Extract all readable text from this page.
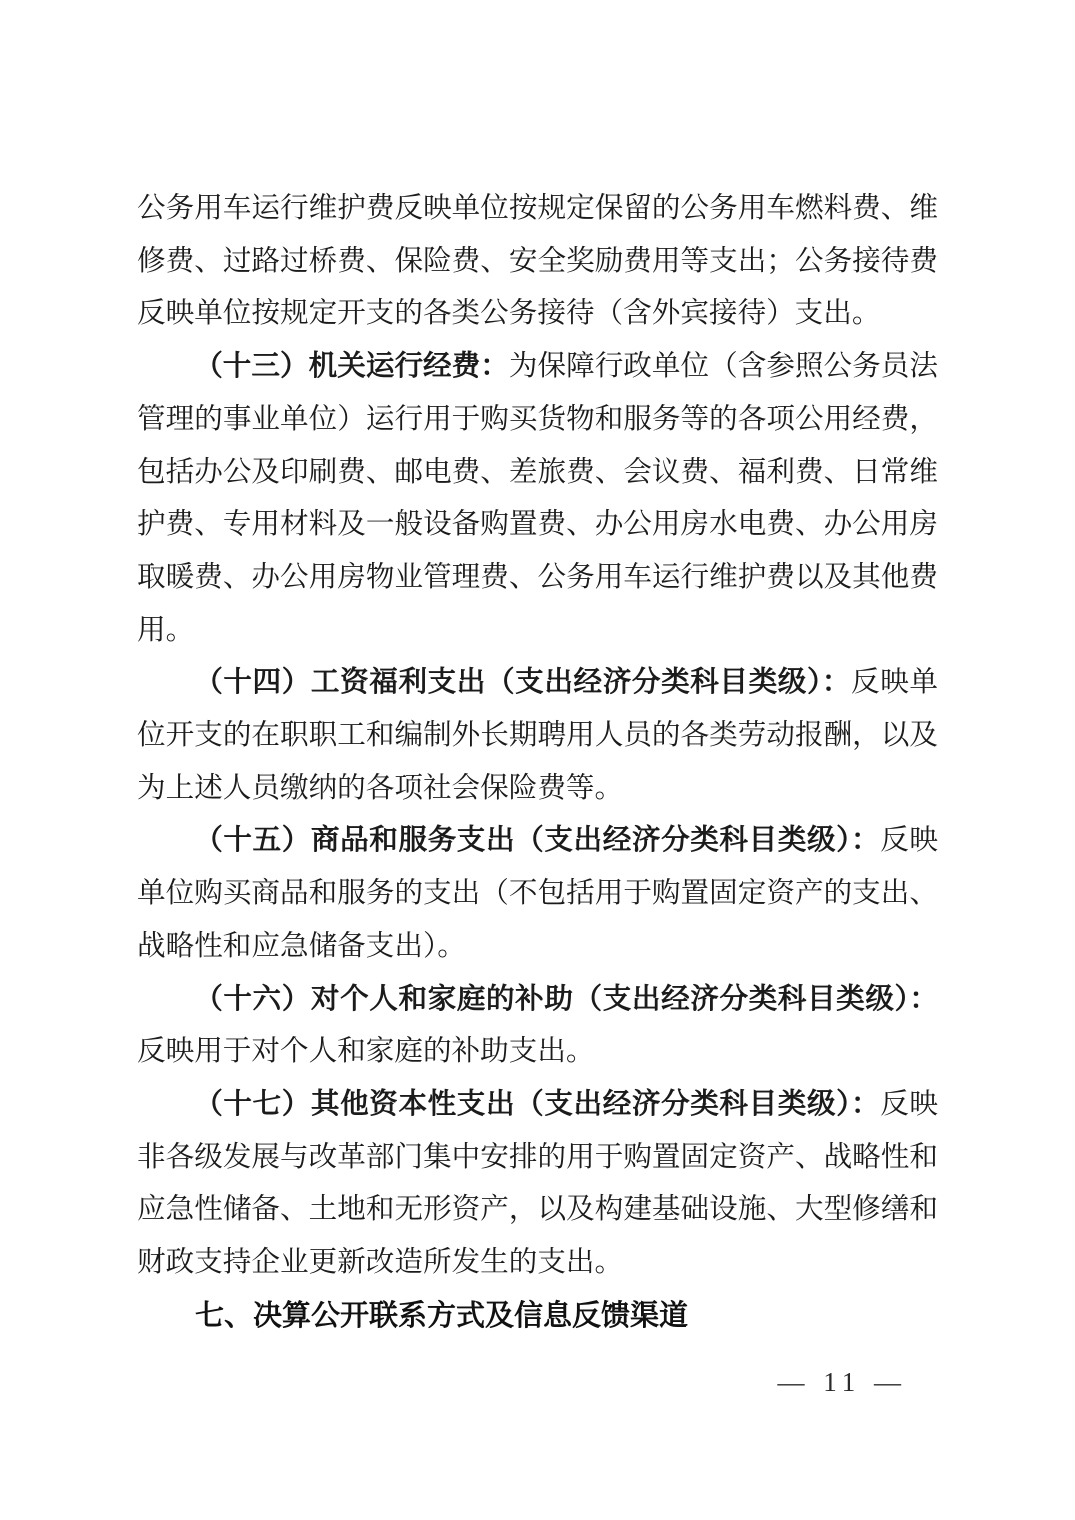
公务用车运行维护费反映单位按规定保留的公务用车燃料费、维修费、过路过桥费、保险费、安全奖励费用等支出；公务接待费反映单位按规定开支的各类公务接待（含外宾接待）支出。

（十三）机关运行经费：为保障行政单位（含参照公务员法管理的事业单位）运行用于购买货物和服务等的各项公用经费，包括办公及印刷费、邮电费、差旅费、会议费、福利费、日常维护费、专用材料及一般设备购置费、办公用房水电费、办公用房取暖费、办公用房物业管理费、公务用车运行维护费以及其他费用。

（十四）工资福利支出（支出经济分类科目类级）：反映单位开支的在职职工和编制外长期聘用人员的各类劳动报酬，以及为上述人员缴纳的各项社会保险费等。

（十五）商品和服务支出（支出经济分类科目类级）：反映单位购买商品和服务的支出（不包括用于购置固定资产的支出、战略性和应急储备支出）。

（十六）对个人和家庭的补助（支出经济分类科目类级）：反映用于对个人和家庭的补助支出。

（十七）其他资本性支出（支出经济分类科目类级）：反映非各级发展与改革部门集中安排的用于购置固定资产、战略性和应急性储备、土地和无形资产，以及构建基础设施、大型修缮和财政支持企业更新改造所发生的支出。

七、决算公开联系方式及信息反馈渠道
— 11 —
